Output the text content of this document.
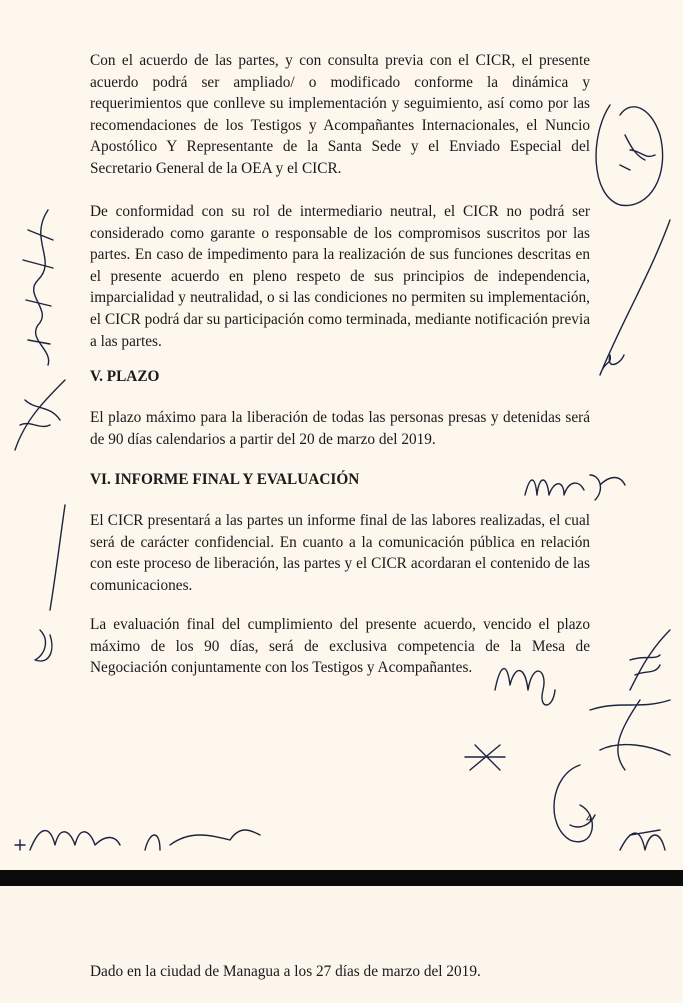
Con el acuerdo de las partes, y con consulta previa con el CICR, el presente acuerdo podrá ser ampliado/ o modificado conforme la dinámica y requerimientos que conlleve su implementación y seguimiento, así como por las recomendaciones de los Testigos y Acompañantes Internacionales, el Nuncio Apostólico Y Representante de la Santa Sede y el Enviado Especial del Secretario General de la OEA y el CICR.

De conformidad con su rol de intermediario neutral, el CICR no podrá ser considerado como garante o responsable de los compromisos suscritos por las partes. En caso de impedimento para la realización de sus funciones descritas en el presente acuerdo en pleno respeto de sus principios de independencia, imparcialidad y neutralidad, o si las condiciones no permiten su implementación, el CICR podrá dar su participación como terminada, mediante notificación previa a las partes.

V. PLAZO

El plazo máximo para la liberación de todas las personas presas y detenidas será de 90 días calendarios a partir del 20 de marzo del 2019.

VI. INFORME FINAL Y EVALUACIÓN

El CICR presentará a las partes un informe final de las labores realizadas, el cual será de carácter confidencial. En cuanto a la comunicación pública en relación con este proceso de liberación, las partes y el CICR acordaran el contenido de las comunicaciones.

La evaluación final del cumplimiento del presente acuerdo, vencido el plazo máximo de los 90 días, será de exclusiva competencia de la Mesa de Negociación conjuntamente con los Testigos y Acompañantes.

4

Dado en la ciudad de Managua a los 27 días de marzo del 2019.
